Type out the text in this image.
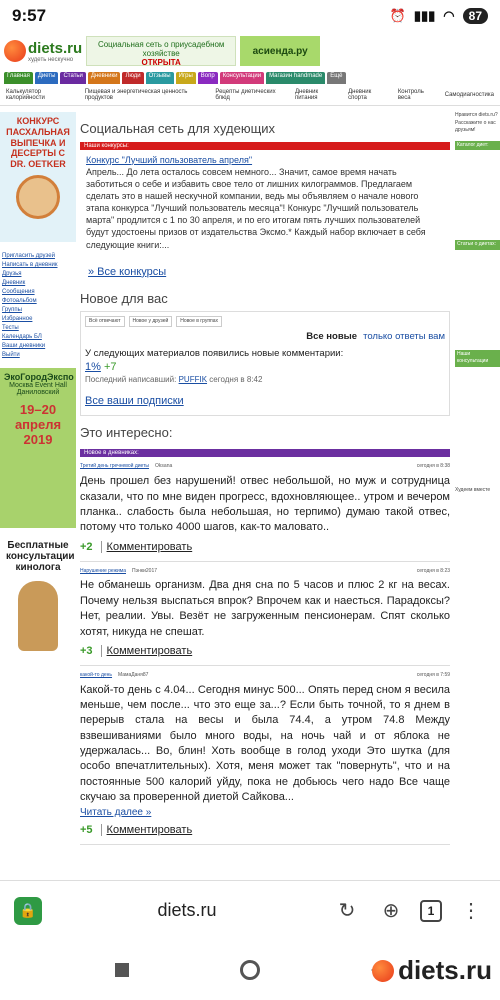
9:57	⏰ ▮▮▮ ◠	87
diets.ru
худеть нескучно
Социальная сеть о приусадебном хозяйстве
ОТКРЫТА
асиенда.ру
Главная	Диеты	Статьи	Дневники	Люди	Отзывы	Игры	Вопр	Консультации	Магазин handmade	Ещё
Калькулятор калорийности
Пищевая и энергетическая ценность продуктов
Рецепты диетических блюд
Дневник питания
Дневник спорта
Контроль веса	Самодиагностика
КОНКУРС
ПАСХАЛЬНАЯ ВЫПЕЧКА И ДЕСЕРТЫ С DR. OETKER
Пригласить друзей
Написать в дневник
Друзья
Дневник
Сообщения
Фотоальбом
Группы
Избранное
Тесты
Календарь БЛ
Ваши дневники
Выйти
ЭкоГородЭкспо
Москва Event Hall Даниловский
19–20 апреля 2019
Бесплатные консультации кинолога
Социальная сеть для худеющих
Наши конкурсы:
Конкурс "Лучший пользователь апреля"
Апрель... До лета осталось совсем немного... Значит, самое время начать заботиться о себе и избавить свое тело от лишних килограммов. Предлагаем сделать это в нашей нескучной компании, ведь мы объявляем о начале нового этапа конкурса "Лучший пользователь месяца"! Конкурс "Лучший пользователь марта" продлится с 1 по 30 апреля, и по его итогам пять лучших пользователей будут удостоены призов от издательства Эксмо.* Каждый набор включает в себя следующие книги:...
» Все конкурсы
Новое для вас
Всё отвечают	Новое у друзей	Новое в группах
Все новые только ответы вам
У следующих материалов появились новые комментарии:
1% +7
Последний написавший: PUFFIK сегодня в 8:42
Все ваши подписки
Это интересно:
Новое в дневниках:
Третий день гречневой диеты Oksana	сегодня в 8:38
День прошел без нарушений! отвес небольшой, но муж и сотрудница сказали, что по мне виден прогресс, вдохновляющее.. утром и вечером планка.. слабость была небольшая, но терпимо) думаю такой отвес, потому что только 4000 шагов, как-то маловато..
+2 Комментировать
Нарушение режима Пэнки2017	сегодня в 8:23
Не обманешь организм. Два дня сна по 5 часов и плюс 2 кг на весах. Почему нельзя выспаться впрок? Впрочем как и наесться. Парадоксы? Нет, реалии. Увы. Везёт не загруженным пенсионерам. Спят сколько хотят, никуда не спешат.
+3 Комментировать
какой-то день МамаДаня87	сегодня в 7:59
Какой-то день с 4.04... Сегодня минус 500... Опять перед сном я весила меньше, чем после... что это еще за...? Если быть точной, то я днем в перерыв стала на весы и была 74.4, а утром 74.8 Между взвешиваниями было много воды, на ночь чай и от яблока не удержалась... Во, блин! Хоть вообще в голод уходи Это шутка (для особо впечатлительных). Хотя, меня может так "повернуть", что и на постоянные 500 калорий уйду, пока не добьюсь чего надо Все чаще скучаю за проверенной диетой Сайкова...
Читать далее »
+5 Комментировать
Нравится diets.ru?
Расскажите о нас друзьям!
Каталог диет:
Статьи о диетах:
Наши консультации
Худеем вместе
🔒	diets.ru	↻	⊕	1	⋮
diets.ru
